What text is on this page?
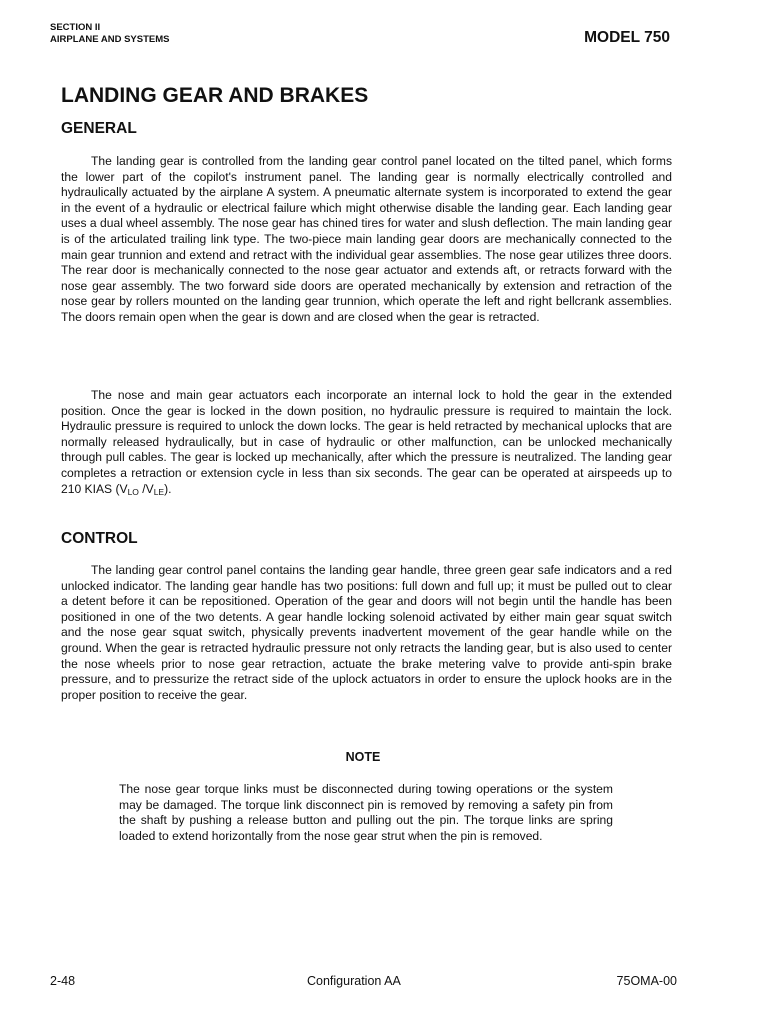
SECTION II
AIRPLANE AND SYSTEMS	MODEL 750
LANDING GEAR AND BRAKES
GENERAL

The landing gear is controlled from the landing gear control panel located on the tilted panel, which forms the lower part of the copilot's instrument panel. The landing gear is normally electrically controlled and hydraulically actuated by the airplane A system. A pneumatic alternate system is incorporated to extend the gear in the event of a hydraulic or electrical failure which might otherwise disable the landing gear. Each landing gear uses a dual wheel assembly. The nose gear has chined tires for water and slush deflection. The main landing gear is of the articulated trailing link type. The two-piece main landing gear doors are mechanically connected to the main gear trunnion and extend and retract with the individual gear assemblies. The nose gear utilizes three doors. The rear door is mechanically connected to the nose gear actuator and extends aft, or retracts forward with the nose gear assembly. The two forward side doors are operated mechanically by extension and retraction of the nose gear by rollers mounted on the landing gear trunnion, which operate the left and right bellcrank assemblies. The doors remain open when the gear is down and are closed when the gear is retracted.

The nose and main gear actuators each incorporate an internal lock to hold the gear in the extended position. Once the gear is locked in the down position, no hydraulic pressure is required to maintain the lock. Hydraulic pressure is required to unlock the down locks. The gear is held retracted by mechanical uplocks that are normally released hydraulically, but in case of hydraulic or other malfunction, can be unlocked mechanically through pull cables. The gear is locked up mechanically, after which the pressure is neutralized. The landing gear completes a retraction or extension cycle in less than six seconds. The gear can be operated at airspeeds up to 210 KIAS ($V_{LO}$ $/V_{LE}$).

CONTROL

The landing gear control panel contains the landing gear handle, three green gear safe indicators and a red unlocked indicator. The landing gear handle has two positions: full down and full up; it must be pulled out to clear a detent before it can be repositioned. Operation of the gear and doors will not begin until the handle has been positioned in one of the two detents. A gear handle locking solenoid activated by either main gear squat switch and the nose gear squat switch, physically prevents inadvertent movement of the gear handle while on the ground. When the gear is retracted hydraulic pressure not only retracts the landing gear, but is also used to center the nose wheels prior to nose gear retraction, actuate the brake metering valve to provide anti-spin brake pressure, and to pressurize the retract side of the uplock actuators in order to ensure the uplock hooks are in the proper position to receive the gear.

NOTE

The nose gear torque links must be disconnected during towing operations or the system may be damaged. The torque link disconnect pin is removed by removing a safety pin from the shaft by pushing a release button and pulling out the pin. The torque links are spring loaded to extend horizontally from the nose gear strut when the pin is removed.

2-48	Configuration AA	75OMA-00
